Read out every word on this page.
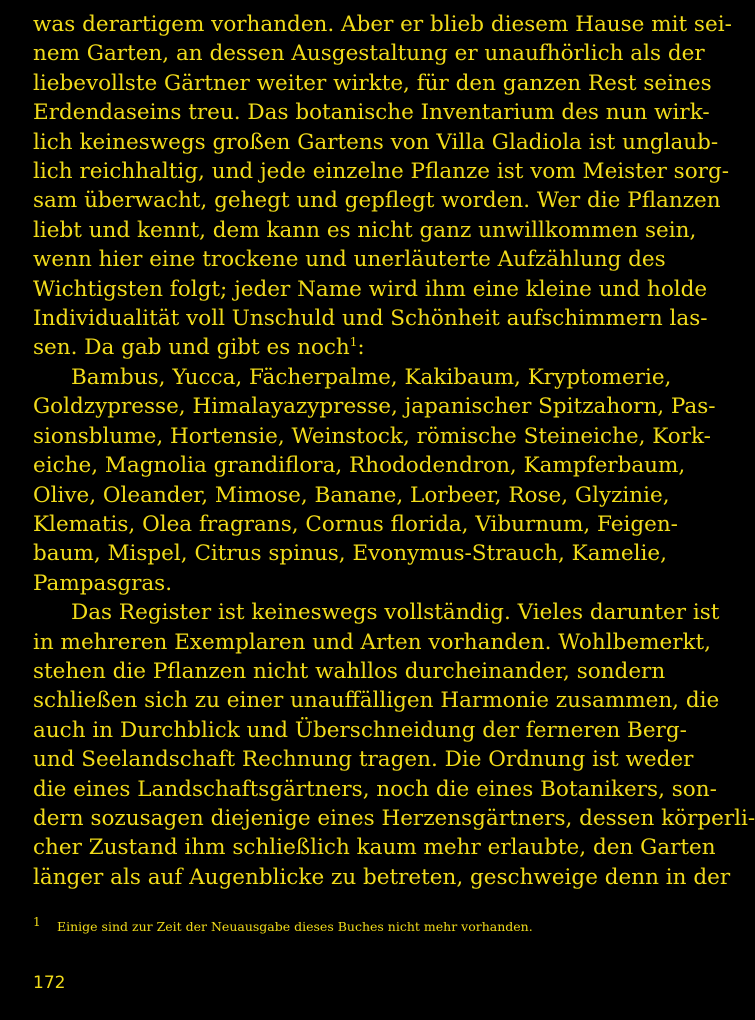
was derartigem vorhanden. Aber er blieb diesem Hause mit sei-
nem Garten, an dessen Ausgestaltung er unaufhörlich als der
liebevollste Gärtner weiter wirkte, für den ganzen Rest seines
Erdendaseins treu. Das botanische Inventarium des nun wirk-
lich keineswegs großen Gartens von Villa Gladiola ist unglaub-
lich reichhaltig, und jede einzelne Pflanze ist vom Meister sorg-
sam überwacht, gehegt und gepflegt worden. Wer die Pflanzen
liebt und kennt, dem kann es nicht ganz unwillkommen sein,
wenn hier eine trockene und unerläuterte Aufzählung des
Wichtigsten folgt; jeder Name wird ihm eine kleine und holde
Individualität voll Unschuld und Schönheit aufschimmern las-
sen. Da gab und gibt es noch$^1$:
Bambus, Yucca, Fächerpalme, Kakibaum, Kryptomerie,
Goldzypresse, Himalayazypresse, japanischer Spitzahorn, Pas-
sionsblume, Hortensie, Weinstock, römische Steineiche, Kork-
eiche, Magnolia grandiflora, Rhododendron, Kampferbaum,
Olive, Oleander, Mimose, Banane, Lorbeer, Rose, Glyzinie,
Klematis, Olea fragrans, Cornus florida, Viburnum, Feigen-
baum, Mispel, Citrus spinus, Evonymus-Strauch, Kamelie,
Pampasgras.
Das Register ist keineswegs vollständig. Vieles darunter ist
in mehreren Exemplaren und Arten vorhanden. Wohlbemerkt,
stehen die Pflanzen nicht wahllos durcheinander, sondern
schließen sich zu einer unauffälligen Harmonie zusammen, die
auch in Durchblick und Überschneidung der ferneren Berg-
und Seelandschaft Rechnung tragen. Die Ordnung ist weder
die eines Landschaftsgärtners, noch die eines Botanikers, son-
dern sozusagen diejenige eines Herzensgärtners, dessen körperli-
cher Zustand ihm schließlich kaum mehr erlaubte, den Garten
länger als auf Augenblicke zu betreten, geschweige denn in der
1 Einige sind zur Zeit der Neuausgabe dieses Buches nicht mehr vorhanden.
172
